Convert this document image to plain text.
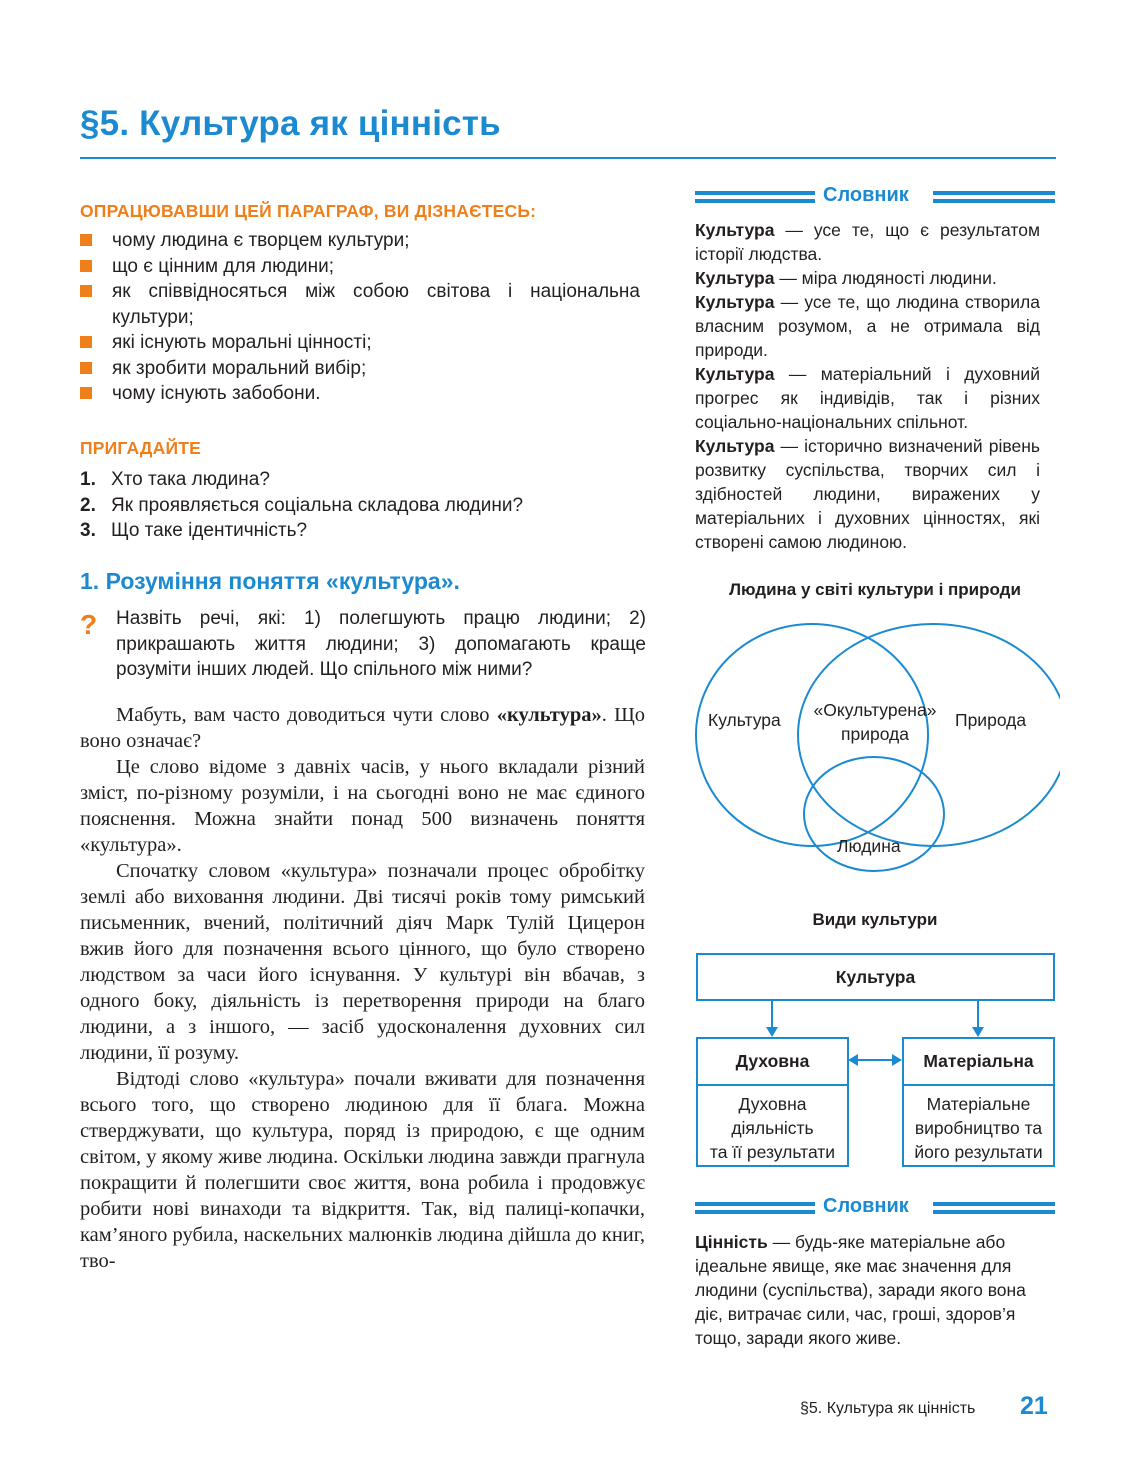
§5. Культура як цінність
ОПРАЦЮВАВШИ ЦЕЙ ПАРАГРАФ, ВИ ДІЗНАЄТЕСЬ:
чому людина є творцем культури;
що є цінним для людини;
як співвідносяться між собою світова і національна культури;
які існують моральні цінності;
як зробити моральний вибір;
чому існують забобони.
ПРИГАДАЙТЕ
1. Хто така людина?
2. Як проявляється соціальна складова людини?
3. Що таке ідентичність?
1. Розуміння поняття «культура».
? Назвіть речі, які: 1) полегшують працю людини; 2) прикрашають життя людини; 3) допомагають краще розуміти інших людей. Що спільного між ними?

Мабуть, вам часто доводиться чути слово «культура». Що воно означає?

Це слово відоме з давніх часів, у нього вкладали різний зміст, по-різному розуміли, і на сьогодні воно не має єдиного пояснення. Можна знайти понад 500 визначень поняття «культура».

Спочатку словом «культура» позначали процес обробітку землі або виховання людини. Дві тисячі років тому римський письменник, вчений, політичний діяч Марк Тулій Цицерон вжив його для позначення всього цінного, що було створено людством за часи його існування. У культурі він вбачав, з одного боку, діяльність із перетворення природи на благо людини, а з іншого, — засіб удосконалення духовних сил людини, її розуму.

Відтоді слово «культура» почали вживати для позначення всього того, що створено людиною для її блага. Можна стверджувати, що культура, поряд із природою, є ще одним світом, у якому живе людина. Оскільки людина завжди прагнула покращити й полегшити своє життя, вона робила і продовжує робити нові винаходи та відкриття. Так, від палиці-копачки, кам’яного рубила, наскельних малюнків людина дійшла до книг, тво-

Словник

Культура — усе те, що є результатом історії людства.

Культура — міра людяності людини.

Культура — усе те, що людина створила власним розумом, а не отримала від природи.

Культура — матеріальний і духовний прогрес як індивідів, так і різних соціально-національних спільнот.

Культура — історично визначений рівень розвитку суспільства, творчих сил і здібностей людини, виражених у матеріальних і духовних цінностях, які створені самою людиною.

Людина у світі культури і природи
Культура	«Окультурена»
природа
Природа
Людина
Види культури
Культура
Духовна
Духовна
діяльність
та її результати
Матеріальна
Матеріальне
виробництво та
його результати
Словник

Цінність — будь-яке матеріальне або ідеальне явище, яке має значення для людини (суспільства), заради якого вона діє, витрачає сили, час, гроші, здоров’я тощо, заради якого живе.

§5. Культура як цінність 21
